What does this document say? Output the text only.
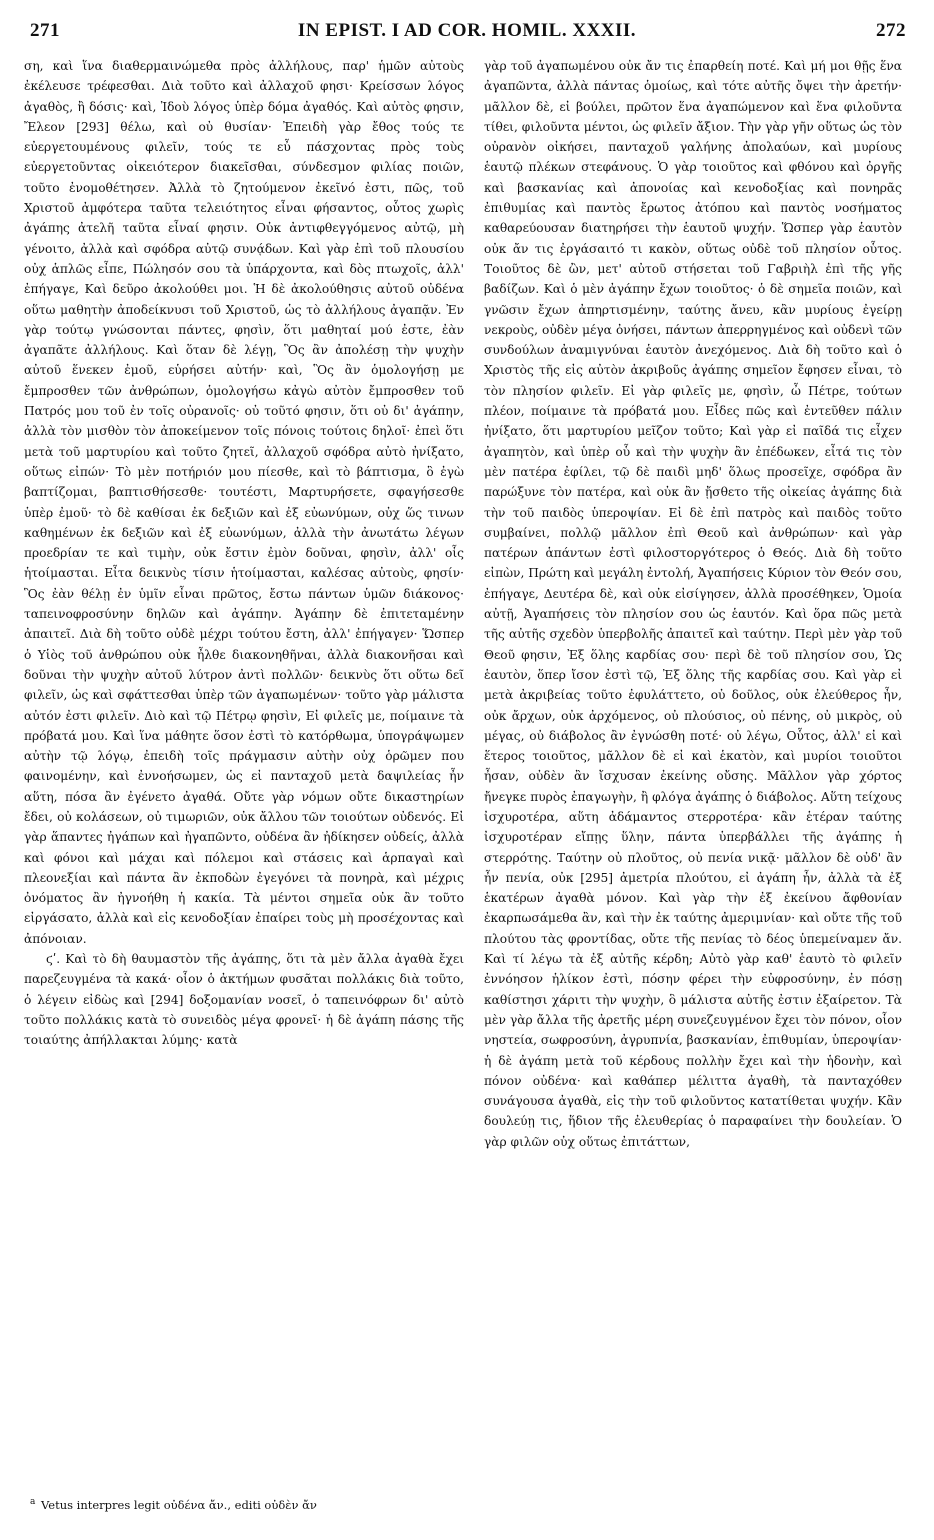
271	IN EPIST. I AD COR. HOMIL. XXXII.	272

ση, καὶ ἵνα διαθερμαινώμεθα πρὸς ἀλλήλους, παρ' ἡμῶν αὐτοὺς ἐκέλευσε τρέφεσθαι. Διὰ τοῦτο καὶ ἀλλαχοῦ φησι· Κρείσσων λόγος ἀγαθὸς, ἢ δόσις· καὶ, Ἰδοὺ λόγος ὑπὲρ δόμα ἀγαθός. Καὶ αὐτὸς φησιν, Ἔλεον [293] θέλω, καὶ οὐ θυσίαν· Ἐπειδὴ γὰρ ἔθος τούς τε εὐεργετουμένους φιλεῖν, τούς τε εὖ πάσχοντας πρὸς τοὺς εὐεργετοῦντας οἰκειότερον διακεῖσθαι, σύνδεσμον φιλίας ποιῶν, τοῦτο ἐνομοθέτησεν. Ἀλλὰ τὸ ζητούμενον ἐκεῖνό ἐστι, πῶς, τοῦ Χριστοῦ ἀμφότερα ταῦτα τελειότητος εἶναι φήσαντος, οὗτος χωρὶς ἀγάπης ἀτελῆ ταῦτα εἶναί φησιν. Οὐκ ἀντιφθεγγόμενος αὐτῷ, μὴ γένοιτο, ἀλλὰ καὶ σφόδρα αὐτῷ συνᾴδων. Καὶ γὰρ ἐπὶ τοῦ πλουσίου οὐχ ἁπλῶς εἶπε, Πώλησόν σου τὰ ὑπάρχοντα, καὶ δὸς πτωχοῖς, ἀλλ' ἐπήγαγε, Καὶ δεῦρο ἀκολούθει μοι. Ἡ δὲ ἀκολούθησις αὐτοῦ οὐδένα οὕτω μαθητὴν ἀποδείκνυσι τοῦ Χριστοῦ, ὡς τὸ ἀλλήλους ἀγαπᾷν. Ἐν γὰρ τούτῳ γνώσονται πάντες, φησὶν, ὅτι μαθηταί μού ἐστε, ἐὰν ἀγαπᾶτε ἀλλήλους. Καὶ ὅταν δὲ λέγῃ, Ὃς ἂν ἀπολέσῃ τὴν ψυχὴν αὐτοῦ ἕνεκεν ἐμοῦ, εὑρήσει αὐτήν· καὶ, Ὃς ἂν ὁμολογήσῃ με ἔμπροσθεν τῶν ἀνθρώπων, ὁμολογήσω κἀγὼ αὐτὸν ἔμπροσθεν τοῦ Πατρός μου τοῦ ἐν τοῖς οὐρανοῖς· οὐ τοῦτό φησιν, ὅτι οὐ δι' ἀγάπην, ἀλλὰ τὸν μισθὸν τὸν ἀποκείμενον τοῖς πόνοις τούτοις δηλοῖ· ἐπεὶ ὅτι μετὰ τοῦ μαρτυρίου καὶ τοῦτο ζητεῖ, ἀλλαχοῦ σφόδρα αὐτὸ ἠνίξατο, οὕτως εἰπών· Τὸ μὲν ποτήριόν μου πίεσθε, καὶ τὸ βάπτισμα, ὃ ἐγὼ βαπτίζομαι, βαπτισθήσεσθε· τουτέστι, Μαρτυρήσετε, σφαγήσεσθε ὑπὲρ ἐμοῦ· τὸ δὲ καθίσαι ἐκ δεξιῶν καὶ ἐξ εὐωνύμων, οὐχ ὥς τινων καθημένων ἐκ δεξιῶν καὶ ἐξ εὐωνύμων, ἀλλὰ τὴν ἀνωτάτω λέγων προεδρίαν τε καὶ τιμὴν, οὐκ ἔστιν ἐμὸν δοῦναι, φησὶν, ἀλλ' οἷς ἡτοίμασται. Εἶτα δεικνὺς τίσιν ἡτοίμασται, καλέσας αὐτοὺς, φησίν· Ὃς ἐὰν θέλῃ ἐν ὑμῖν εἶναι πρῶτος, ἔστω πάντων ὑμῶν διάκονος· ταπεινοφροσύνην δηλῶν καὶ ἀγάπην. Ἀγάπην δὲ ἐπιτεταμένην ἀπαιτεῖ. Διὰ δὴ τοῦτο οὐδὲ μέχρι τούτου ἔστη, ἀλλ' ἐπήγαγεν· Ὥσπερ ὁ Υἱὸς τοῦ ἀνθρώπου οὐκ ἦλθε διακονηθῆναι, ἀλλὰ διακονῆσαι καὶ δοῦναι τὴν ψυχὴν αὐτοῦ λύτρον ἀντὶ πολλῶν· δεικνὺς ὅτι οὕτω δεῖ φιλεῖν, ὡς καὶ σφάττεσθαι ὑπὲρ τῶν ἀγαπωμένων· τοῦτο γὰρ μάλιστα αὐτόν ἐστι φιλεῖν. Διὸ καὶ τῷ Πέτρῳ φησὶν, Εἰ φιλεῖς με, ποίμαινε τὰ πρόβατά μου. Καὶ ἵνα μάθητε ὅσον ἐστὶ τὸ κατόρθωμα, ὑπογράψωμεν αὐτὴν τῷ λόγῳ, ἐπειδὴ τοῖς πράγμασιν αὐτὴν οὐχ ὁρῶμεν που φαινομένην, καὶ ἐννοήσωμεν, ὡς εἰ πανταχοῦ μετὰ δαψιλείας ἦν αὕτη, πόσα ἂν ἐγένετο ἀγαθά. Οὔτε γὰρ νόμων οὔτε δικαστηρίων ἔδει, οὐ κολάσεων, οὐ τιμωριῶν, οὐκ ἄλλου τῶν τοιούτων οὐδενός. Εἰ γὰρ ἅπαντες ἠγάπων καὶ ἠγαπῶντο, οὐδένα ἂν ἠδίκησεν οὐδείς, ἀλλὰ καὶ φόνοι καὶ μάχαι καὶ πόλεμοι καὶ στάσεις καὶ ἁρπαγαὶ καὶ πλεονεξίαι καὶ πάντα ἂν ἐκποδὼν ἐγεγόνει τὰ πονηρὰ, καὶ μέχρις ὀνόματος ἂν ἠγνοήθη ἡ κακία. Τὰ μέντοι σημεῖα οὐκ ἂν τοῦτο εἰργάσατο, ἀλλὰ καὶ εἰς κενοδοξίαν ἐπαίρει τοὺς μὴ προσέχοντας καὶ ἀπόνοιαν.

ϛʹ. Καὶ τὸ δὴ θαυμαστὸν τῆς ἀγάπης, ὅτι τὰ μὲν ἄλλα ἀγαθὰ ἔχει παρεζευγμένα τὰ κακά· οἷον ὁ ἀκτήμων φυσᾶται πολλάκις διὰ τοῦτο, ὁ λέγειν εἰδὼς καὶ [294] δοξομανίαν νοσεῖ, ὁ ταπεινόφρων δι' αὐτὸ τοῦτο πολλάκις κατὰ τὸ συνειδὸς μέγα φρονεῖ· ἡ δὲ ἀγάπη πάσης τῆς τοιαύτης ἀπήλλακται λύμης· κατὰ

γὰρ τοῦ ἀγαπωμένου οὐκ ἄν τις ἐπαρθείη ποτέ. Καὶ μή μοι θῇς ἕνα ἀγαπῶντα, ἀλλὰ πάντας ὁμοίως, καὶ τότε αὐτῆς ὄψει τὴν ἀρετήν· μᾶλλον δὲ, εἰ βούλει, πρῶτον ἕνα ἀγαπώμενον καὶ ἕνα φιλοῦντα τίθει, φιλοῦντα μέντοι, ὡς φιλεῖν ἄξιον. Τὴν γὰρ γῆν οὕτως ὡς τὸν οὐρανὸν οἰκήσει, πανταχοῦ γαλήνης ἀπολαύων, καὶ μυρίους ἑαυτῷ πλέκων στεφάνους. Ὁ γὰρ τοιοῦτος καὶ φθόνου καὶ ὀργῆς καὶ βασκανίας καὶ ἀπονοίας καὶ κενοδοξίας καὶ πονηρᾶς ἐπιθυμίας καὶ παντὸς ἔρωτος ἀτόπου καὶ παντὸς νοσήματος καθαρεύουσαν διατηρήσει τὴν ἑαυτοῦ ψυχήν. Ὥσπερ γὰρ ἑαυτὸν οὐκ ἄν τις ἐργάσαιτό τι κακὸν, οὕτως οὐδὲ τοῦ πλησίον οὗτος. Τοιοῦτος δὲ ὢν, μετ' αὐτοῦ στήσεται τοῦ Γαβριὴλ ἐπὶ τῆς γῆς βαδίζων. Καὶ ὁ μὲν ἀγάπην ἔχων τοιοῦτος· ὁ δὲ σημεῖα ποιῶν, καὶ γνῶσιν ἔχων ἀπηρτισμένην, ταύτης ἄνευ, κἂν μυρίους ἐγείρῃ νεκροὺς, οὐδὲν μέγα ὀνήσει, πάντων ἀπερρηγμένος καὶ οὐδενὶ τῶν συνδούλων ἀναμιγνύναι ἑαυτὸν ἀνεχόμενος. Διὰ δὴ τοῦτο καὶ ὁ Χριστὸς τῆς εἰς αὐτὸν ἀκριβοῦς ἀγάπης σημεῖον ἔφησεν εἶναι, τὸ τὸν πλησίον φιλεῖν. Εἰ γὰρ φιλεῖς με, φησὶν, ὦ Πέτρε, τούτων πλέον, ποίμαινε τὰ πρόβατά μου. Εἶδες πῶς καὶ ἐντεῦθεν πάλιν ἠνίξατο, ὅτι μαρτυρίου μεῖζον τοῦτο; Καὶ γὰρ εἰ παῖδά τις εἶχεν ἀγαπητὸν, καὶ ὑπὲρ οὗ καὶ τὴν ψυχὴν ἂν ἐπέδωκεν, εἶτά τις τὸν μὲν πατέρα ἐφίλει, τῷ δὲ παιδὶ μηδ' ὅλως προσεῖχε, σφόδρα ἂν παρώξυνε τὸν πατέρα, καὶ οὐκ ἂν ᾔσθετο τῆς οἰκείας ἀγάπης διὰ τὴν τοῦ παιδὸς ὑπεροψίαν. Εἰ δὲ ἐπὶ πατρὸς καὶ παιδὸς τοῦτο συμβαίνει, πολλῷ μᾶλλον ἐπὶ Θεοῦ καὶ ἀνθρώπων· καὶ γὰρ πατέρων ἁπάντων ἐστὶ φιλοστοργότερος ὁ Θεός. Διὰ δὴ τοῦτο εἰπὼν, Πρώτη καὶ μεγάλη ἐντολή, Ἀγαπήσεις Κύριον τὸν Θεόν σου, ἐπήγαγε, Δευτέρα δὲ, καὶ οὐκ εἰσίγησεν, ἀλλὰ προσέθηκεν, Ὁμοία αὐτῇ, Ἀγαπήσεις τὸν πλησίον σου ὡς ἑαυτόν. Καὶ ὅρα πῶς μετὰ τῆς αὐτῆς σχεδὸν ὑπερβολῆς ἀπαιτεῖ καὶ ταύτην. Περὶ μὲν γὰρ τοῦ Θεοῦ φησιν, Ἐξ ὅλης καρδίας σου· περὶ δὲ τοῦ πλησίον σου, Ὡς ἑαυτὸν, ὅπερ ἴσον ἐστὶ τῷ, Ἐξ ὅλης τῆς καρδίας σου. Καὶ γὰρ εἰ μετὰ ἀκριβείας τοῦτο ἐφυλάττετο, οὐ δοῦλος, οὐκ ἐλεύθερος ἦν, οὐκ ἄρχων, οὐκ ἀρχόμενος, οὐ πλούσιος, οὐ πένης, οὐ μικρὸς, οὐ μέγας, οὐ διάβολος ἂν ἐγνώσθη ποτέ· οὐ λέγω, Οὗτος, ἀλλ' εἰ καὶ ἕτερος τοιοῦτος, μᾶλλον δὲ εἰ καὶ ἑκατὸν, καὶ μυρίοι τοιοῦτοι ἦσαν, οὐδὲν ἂν ἴσχυσαν ἐκείνης οὔσης. Μᾶλλον γὰρ χόρτος ἤνεγκε πυρὸς ἐπαγωγὴν, ἢ φλόγα ἀγάπης ὁ διάβολος. Αὕτη τείχους ἰσχυροτέρα, αὕτη ἀδάμαντος στερροτέρα· κἂν ἑτέραν ταύτης ἰσχυροτέραν εἴπῃς ὕλην, πάντα ὑπερβάλλει τῆς ἀγάπης ἡ στερρότης. Ταύτην οὐ πλοῦτος, οὐ πενία νικᾷ· μᾶλλον δὲ οὐδ' ἂν ἦν πενία, οὐκ [295] ἀμετρία πλούτου, εἰ ἀγάπη ἦν, ἀλλὰ τὰ ἐξ ἑκατέρων ἀγαθὰ μόνον. Καὶ γὰρ τὴν ἐξ ἐκείνου ἄφθονίαν ἐκαρπωσάμεθα ἂν, καὶ τὴν ἐκ ταύτης ἀμεριμνίαν· καὶ οὔτε τῆς τοῦ πλούτου τὰς φροντίδας, οὔτε τῆς πενίας τὸ δέος ὑπεμείναμεν ἄν. Καὶ τί λέγω τὰ ἐξ αὐτῆς κέρδη; Αὐτὸ γὰρ καθ' ἑαυτὸ τὸ φιλεῖν ἐννόησον ἡλίκον ἐστὶ, πόσην φέρει τὴν εὐφροσύνην, ἐν πόσῃ καθίστησι χάριτι τὴν ψυχὴν, ὃ μάλιστα αὐτῆς ἐστιν ἐξαίρετον. Τὰ μὲν γὰρ ἄλλα τῆς ἀρετῆς μέρη συνεζευγμένον ἔχει τὸν πόνον, οἷον νηστεία, σωφροσύνη, ἀγρυπνία, βασκανίαν, ἐπιθυμίαν, ὑπεροψίαν· ἡ δὲ ἀγάπη μετὰ τοῦ κέρδους πολλὴν ἔχει καὶ τὴν ἡδονὴν, καὶ πόνον οὐδένα· καὶ καθάπερ μέλιττα ἀγαθὴ, τὰ πανταχόθεν συνάγουσα ἀγαθὰ, εἰς τὴν τοῦ φιλοῦντος κατατίθεται ψυχήν. Κἂν δουλεύῃ τις, ἥδιον τῆς ἐλευθερίας ὁ παραφαίνει τὴν δουλείαν. Ὁ γὰρ φιλῶν οὐχ οὕτως ἐπιτάττων,

$^a$ Vetus interpres legit οὐδένα ἄν., editi οὐδὲν ἄν
